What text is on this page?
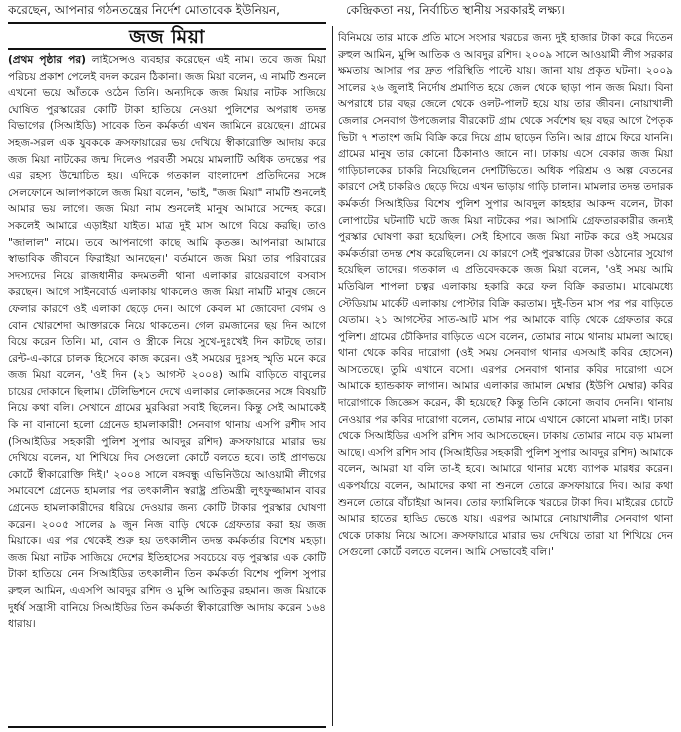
করেছেন, আপনার গঠনতন্ত্রের নির্দেশ মোতাবেক ইউনিয়ন,	কেন্দ্রিকতা নয়, নির্বাচিত স্থানীয় সরকারই লক্ষ্য।
জজ মিয়া

(প্রথম পৃষ্ঠার পর) লাইসেন্সও ব্যবহার করেছেন এই নাম। তবে জজ মিয়া পরিচয় প্রকাশ পেলেই বদল করেন ঠিকানা। জজ মিয়া বলেন, এ নামটি শুনলে এখনো ভয়ে আঁতকে ওঠেন তিনি। অন্যদিকে জজ মিয়ার নাটক সাজিয়ে ঘোষিত পুরস্কারের কোটি টাকা হাতিয়ে নেওয়া পুলিশের অপরাধ তদন্ত বিভাগের (সিআইডি) সাবেক তিন কর্মকর্তা এখন জামিনে রয়েছেন। গ্রামের সহজ-সরল এক যুবককে ক্রসফায়ারের ভয় দেখিয়ে স্বীকারোক্তি আদায় করে জজ মিয়া নাটকের জন্ম দিলেও পরবর্তী সময়ে মামলাটি অধিক তদন্তের পর এর রহস্য উন্মোচিত হয়। এদিকে গতকাল বাংলাদেশ প্রতিদিনের সঙ্গে সেলফোনে আলাপকালে জজ মিয়া বলেন, 'ভাই, "জজ মিয়া" নামটি শুনলেই আমার ভয় লাগে। জজ মিয়া নাম শুনলেই মানুষ আমারে সন্দেহ করে। সকলেই আমারে এড়াইয়া যাইত। মাত্র দুই মাস আগে বিয়ে করছি। তাও "জালাল" নামে। তবে আপনাগো কাছে আমি কৃতজ্ঞ। আপনারা আমারে স্বাভাবিক জীবনে ফিরাইয়া আনছেন।' বর্তমানে জজ মিয়া তার পরিবারের সদস্যদের নিয়ে রাজধানীর কদমতলী থানা এলাকার রায়েরবাগে বসবাস করছেন। আগে সাইনবোর্ড এলাকায় থাকলেও জজ মিয়া নামটি মানুষ জেনে ফেলার কারণে ওই এলাকা ছেড়ে দেন। আগে কেবল মা জোবেদা বেগম ও বোন খোরশেদা আক্তারকে নিয়ে থাকতেন। গেল রমজানের ছয় দিন আগে বিয়ে করেন তিনি। মা, বোন ও স্ত্রীকে নিয়ে সুখে-দুঃখেই দিন কাটছে তার। রেন্ট-এ-কারে চালক হিসেবে কাজ করেন। ওই সময়ের দুঃসহ স্মৃতি মনে করে জজ মিয়া বলেন, 'ওই দিন (২১ আগস্ট ২০০৪) আমি বাড়িতে বাবুলের চায়ের দোকানে ছিলাম। টেলিভিশনে দেখে এলাকার লোকজনের সঙ্গে বিষয়টি নিয়ে কথা বলি। সেখানে গ্রামের মুরব্বিরা সবাই ছিলেন। কিন্তু সেই আমাকেই কি না বানানো হলো গ্রেনেড হামলাকারী! সেনবাগ থানায় এসপি রশীদ সাব (সিআইডির সহকারী পুলিশ সুপার আবদুর রশিদ) ক্রসফায়ারে মারার ভয় দেখিয়ে বলেন, যা শিখিয়ে দিব সেগুলো কোর্টে বলতে হবে। তাই প্রাণভয়ে কোর্টে স্বীকারোক্তি দিই।' ২০০৪ সালে বঙ্গবন্ধু এভিনিউয়ে আওয়ামী লীগের সমাবেশে গ্রেনেড হামলার পর তৎকালীন স্বরাষ্ট্র প্রতিমন্ত্রী লুৎফুজ্জামান বাবর গ্রেনেড হামলাকারীদের ধরিয়ে দেওয়ার জন্য কোটি টাকার পুরস্কার ঘোষণা করেন। ২০০৫ সালের ৯ জুন নিজ বাড়ি থেকে গ্রেফতার করা হয় জজ মিয়াকে। এর পর থেকেই শুরু হয় তৎকালীন তদন্ত কর্মকর্তার বিশেষ মহড়া। জজ মিয়া নাটক সাজিয়ে দেশের ইতিহাসের সবচেয়ে বড় পুরস্কার এক কোটি টাকা হাতিয়ে নেন সিআইডির তৎকালীন তিন কর্মকর্তা বিশেষ পুলিশ সুপার রুহুল আমিন, এএসপি আবদুর রশিদ ও মুন্সি আতিকুর রহমান। জজ মিয়াকে দুর্ধর্ষ সন্ত্রাসী বানিয়ে সিআইডির তিন কর্মকর্তা স্বীকারোক্তি আদায় করেন ১৬৪ ধারায়।

বিনিময়ে তার মাকে প্রতি মাসে সংসার খরচের জন্য দুই হাজার টাকা করে দিতেন রুহুল আমিন, মুন্সি আতিক ও আবদুর রশিদ। ২০০৯ সালে আওয়ামী লীগ সরকার ক্ষমতায় আসার পর দ্রুত পরিস্থিতি পাল্টে যায়। জানা যায় প্রকৃত ঘটনা। ২০০৯ সালের ২৬ জুলাই নির্দোষ প্রমাণিত হয়ে জেল থেকে ছাড়া পান জজ মিয়া। বিনা অপরাধে চার বছর জেলে থেকে ওলট-পালট হয়ে যায় তার জীবন। নোয়াখালী জেলার সেনবাগ উপজেলার বীরকোট গ্রাম থেকে সর্বশেষ ছয় বছর আগে পৈতৃক ভিটা ৭ শতাংশ জমি বিক্রি করে দিয়ে গ্রাম ছাড়েন তিনি। আর গ্রামে ফিরে যাননি। গ্রামের মানুষ তার কোনো ঠিকানাও জানে না। ঢাকায় এসে বেকার জজ মিয়া গাড়িচালকের চাকরি নিয়েছিলেন দেশটিভিতে। অধিক পরিশ্রম ও অল্প বেতনের কারণে সেই চাকরিও ছেড়ে দিয়ে এখন ভাড়ায় গাড়ি চালান। মামলার তদন্ত তদারক কর্মকর্তা সিআইডির বিশেষ পুলিশ সুপার আবদুল কাহহার আকন্দ বলেন, টাকা লোপাটের ঘটনাটি ঘটে জজ মিয়া নাটকের পর। আসামি গ্রেফতারকারীর জন্যই পুরস্কার ঘোষণা করা হয়েছিল। সেই হিসাবে জজ মিয়া নাটক করে ওই সময়ের কর্মকর্তারা তদন্ত শেষ করেছিলেন। যে কারণে সেই পুরস্কারের টাকা ওঠানোর সুযোগ হয়েছিল তাদের। গতকাল এ প্রতিবেদককে জজ মিয়া বলেন, 'ওই সময় আমি মতিঝিল শাপলা চত্বর এলাকায় হকারি করে ফল বিক্রি করতাম। মাঝেমধ্যে স্টেডিয়াম মার্কেট এলাকায় পোস্টার বিক্রি করতাম। দুই-তিন মাস পর পর বাড়িতে যেতাম। ২১ আগস্টের সাত-আট মাস পর আমাকে বাড়ি থেকে গ্রেফতার করে পুলিশ। গ্রামের চৌকিদার বাড়িতে এসে বলেন, তোমার নামে থানায় মামলা আছে। থানা থেকে কবির দারোগা (ওই সময় সেনবাগ থানার এসআই কবির হোসেন) আসতেছে। তুমি এখানে বসো। এরপর সেনবাগ থানার কবির দারোগা এসে আমাকে হ্যান্ডকাফ লাগান। আমার এলাকার জামাল মেম্বার (ইউপি মেম্বার) কবির দারোগাকে জিজ্ঞেস করেন, কী হয়েছে? কিন্তু তিনি কোনো জবাব দেননি। থানায় নেওয়ার পর কবির দারোগা বলেন, তোমার নামে এখানে কোনো মামলা নাই। ঢাকা থেকে সিআইডির এসপি রশিদ সাব আসতেছেন। ঢাকায় তোমার নামে বড় মামলা আছে। এসপি রশিদ সাব (সিআইডির সহকারী পুলিশ সুপার আবদুর রশিদ) আমাকে বলেন, আমরা যা বলি তা-ই হবে। আমারে থানার মধ্যে ব্যাপক মারধর করেন। একপর্যায়ে বলেন, আমাদের কথা না শুনলে তোরে ক্রসফায়ারে দিব। আর কথা শুনলে তোরে বাঁচাইয়া আনব। তোর ফ্যামিলিকে খরচের টাকা দিব। মাইরের চোটে আমার হাতের হাড্ডি ভেঙে যায়। এরপর আমারে নোয়াখালীর সেনবাগ থানা থেকে ঢাকায় নিয়ে আসে। ক্রসফায়ারে মারার ভয় দেখিয়ে তারা যা শিখিয়ে দেন সেগুলো কোর্টে বলতে বলেন। আমি সেভাবেই বলি।'
